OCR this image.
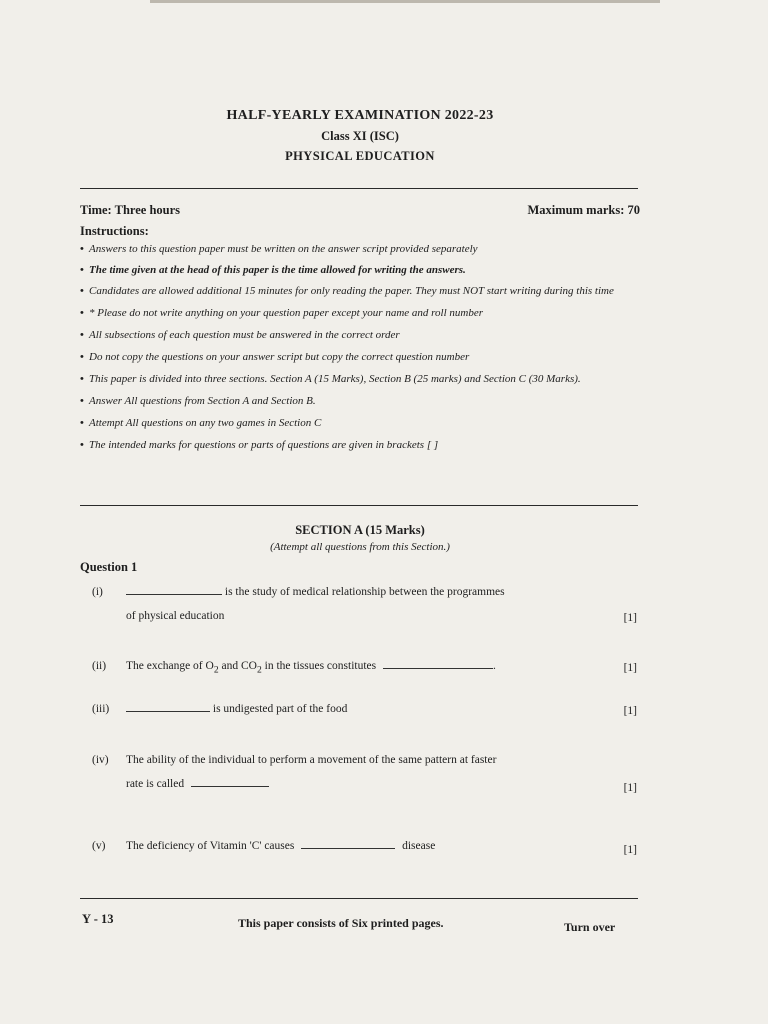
HALF-YEARLY EXAMINATION 2022-23
Class XI (ISC)
PHYSICAL EDUCATION
Time: Three hours	Maximum marks: 70
Instructions:
• Answers to this question paper must be written on the answer script provided separately
• The time given at the head of this paper is the time allowed for writing the answers.
• Candidates are allowed additional 15 minutes for only reading the paper. They must NOT start writing during this time
• * Please do not write anything on your question paper except your name and roll number
• All subsections of each question must be answered in the correct order
• Do not copy the questions on your answer script but copy the correct question number
• This paper is divided into three sections. Section A (15 Marks), Section B (25 marks) and Section C (30 Marks).
• Answer All questions from Section A and Section B.
• Attempt All questions on any two games in Section C
• The intended marks for questions or parts of questions are given in brackets [ ]
SECTION A (15 Marks)
(Attempt all questions from this Section.)
Question 1
(i)	is the study of medical relationship between the programmes
of physical education	[1]
(ii) The exchange of $O_2$ and $CO_2$ in the tissues constitutes	.	[1]
(iii)	is undigested part of the food	[1]
(iv) The ability of the individual to perform a movement of the same pattern at faster
rate is called	[1]
(v) The deficiency of Vitamin 'C' causes	disease	[1]
Y - 13	This paper consists of Six printed pages.	Turn over
